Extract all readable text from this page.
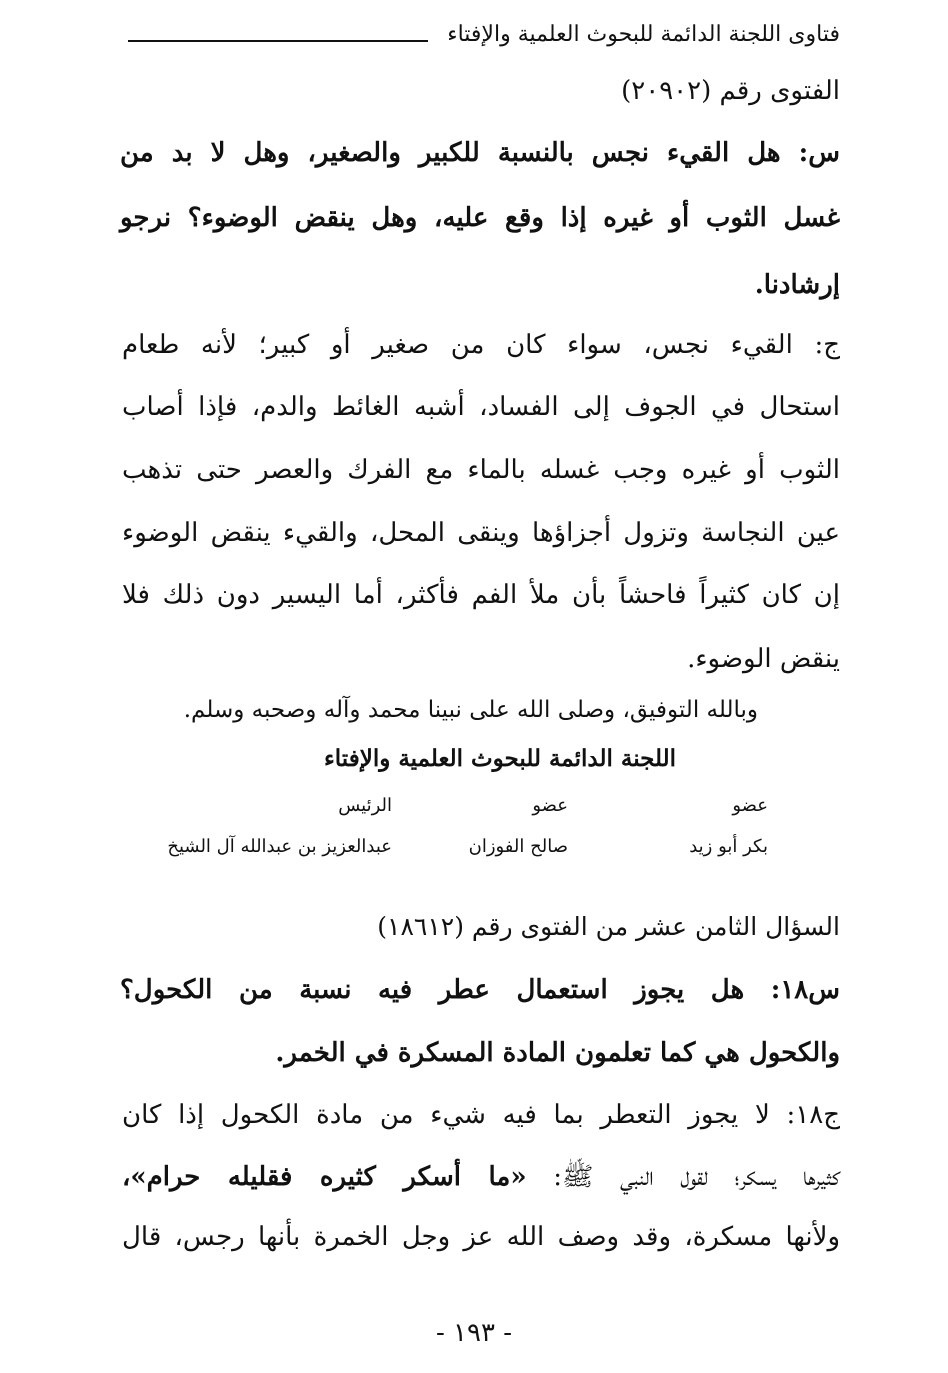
فتاوى اللجنة الدائمة للبحوث العلمية والإفتاء
الفتوى رقم (٢٠٩٠٢)
س: هل القيء نجس بالنسبة للكبير والصغير، وهل لا بد من
غسل الثوب أو غيره إذا وقع عليه، وهل ينقض الوضوء؟ نرجو
إرشادنا.
ج: القيء نجس، سواء كان من صغير أو كبير؛ لأنه طعام
استحال في الجوف إلى الفساد، أشبه الغائط والدم، فإذا أصاب
الثوب أو غيره وجب غسله بالماء مع الفرك والعصر حتى تذهب
عين النجاسة وتزول أجزاؤها وينقى المحل، والقيء ينقض الوضوء
إن كان كثيراً فاحشاً بأن ملأ الفم فأكثر، أما اليسير دون ذلك فلا
ينقض الوضوء.
وبالله التوفيق، وصلى الله على نبينا محمد وآله وصحبه وسلم.
اللجنة الدائمة للبحوث العلمية والإفتاء
عضو
بكر أبو زيد
عضو
صالح الفوزان
الرئيس
عبدالعزيز بن عبدالله آل الشيخ
السؤال الثامن عشر من الفتوى رقم (١٨٦١٢)
س١٨: هل يجوز استعمال عطر فيه نسبة من الكحول؟
والكحول هي كما تعلمون المادة المسكرة في الخمر.
ج١٨: لا يجوز التعطر بما فيه شيء من مادة الكحول إذا كان
كثيرها يسكر؛ لقول النبي ﷺ: «ما أسكر كثيره فقليله حرام»،
ولأنها مسكرة، وقد وصف الله عز وجل الخمرة بأنها رجس، قال
- ١٩٣ -
